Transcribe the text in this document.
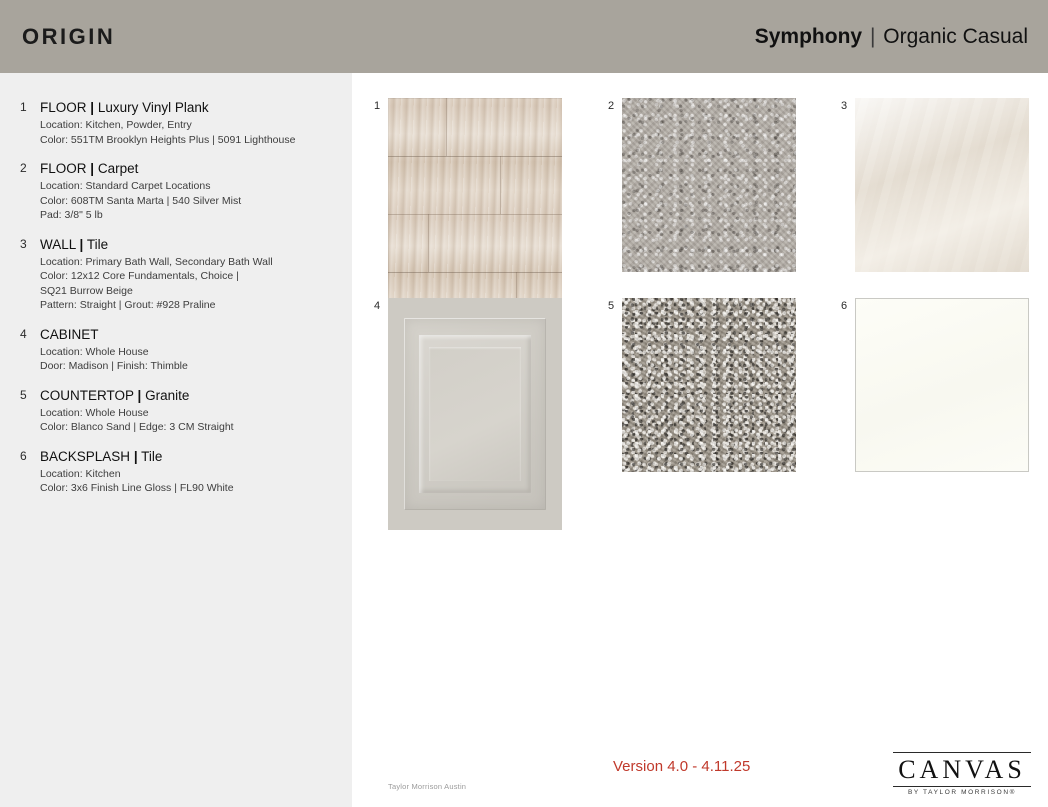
ORIGIN	Symphony | Organic Casual
1 FLOOR | Luxury Vinyl Plank
Location: Kitchen, Powder, Entry
Color: 551TM Brooklyn Heights Plus | 5091 Lighthouse
2 FLOOR | Carpet
Location: Standard Carpet Locations
Color: 608TM Santa Marta | 540 Silver Mist
Pad: 3/8" 5 lb
3 WALL | Tile
Location: Primary Bath Wall, Secondary Bath Wall
Color: 12x12 Core Fundamentals, Choice |
SQ21 Burrow Beige
Pattern: Straight | Grout: #928 Praline
4 CABINET
Location: Whole House
Door: Madison | Finish: Thimble
5 COUNTERTOP | Granite
Location: Whole House
Color: Blanco Sand | Edge: 3 CM Straight
6 BACKSPLASH | Tile
Location: Kitchen
Color: 3x6 Finish Line Gloss | FL90 White
1	2	3
4	5	6
Taylor Morrison Austin
Version 4.0 - 4.11.25	CANVAS
BY TAYLOR MORRISON®
